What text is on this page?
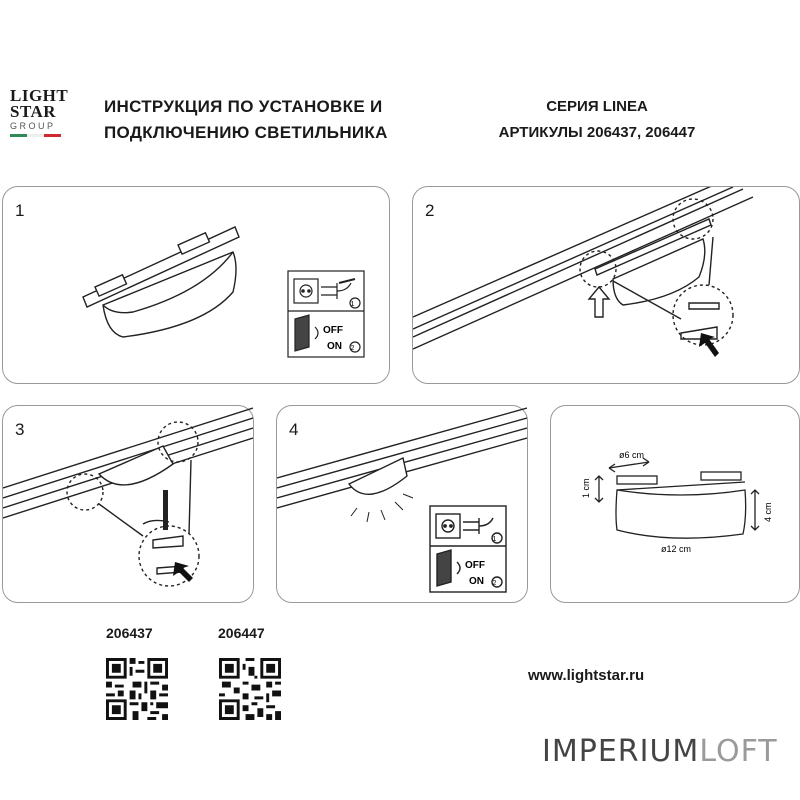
LIGHT
STAR
GROUP
ИНСТРУКЦИЯ ПО УСТАНОВКЕ И
ПОДКЛЮЧЕНИЮ СВЕТИЛЬНИКА
СЕРИЯ LINEA
АРТИКУЛЫ 206437, 206447
1
1
OFF
ON 2
2
3	4
1
OFF
ON 2
ø6 cm
1 cm
4 cm
ø12 cm
206437	206447
www.lightstar.ru
IMPERIUMLOFT
